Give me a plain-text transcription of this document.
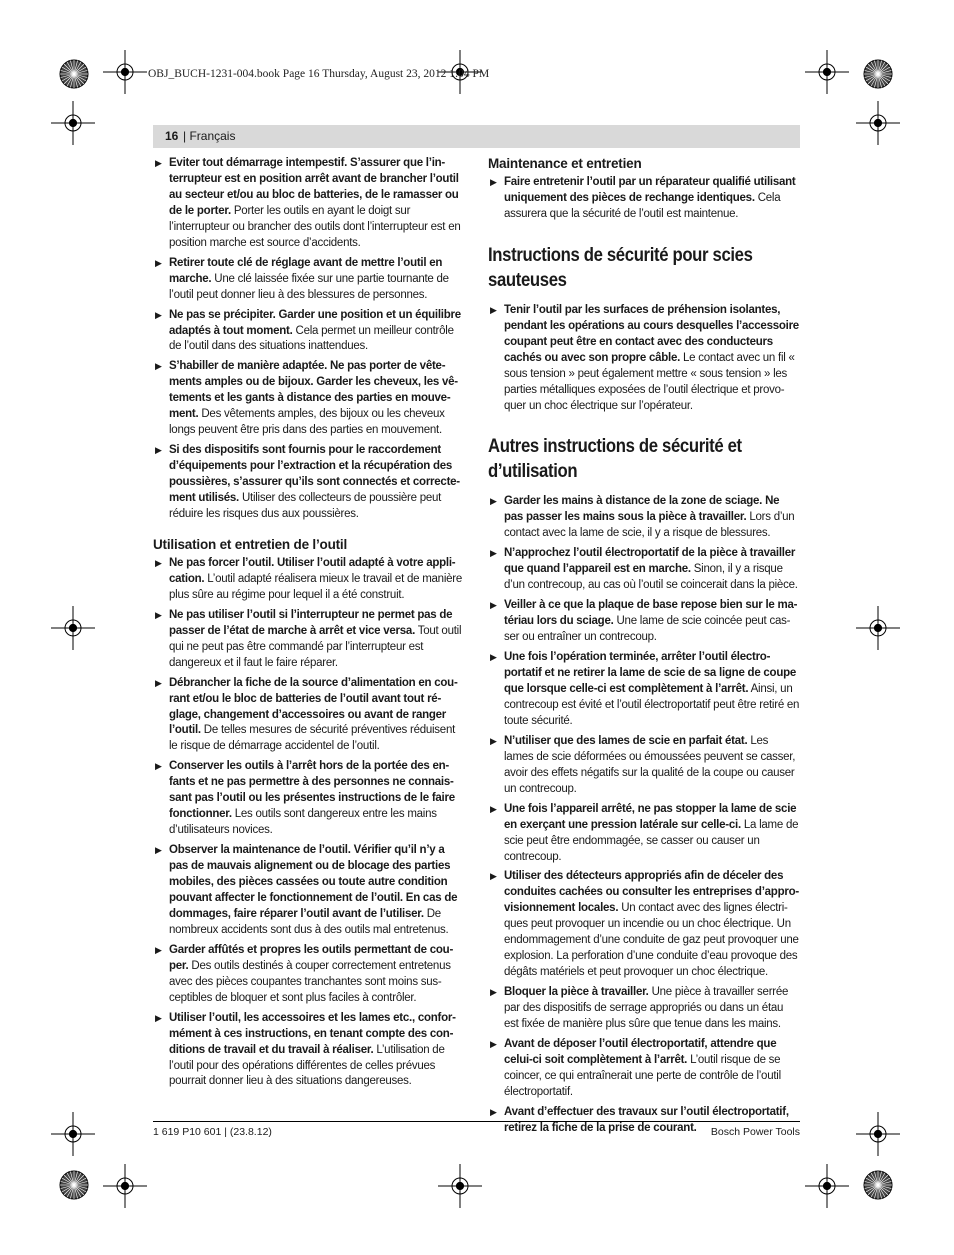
OBJ_BUCH-1231-004.book Page 16 Thursday, August 23, 2012 1:04 PM
16 | Français
▶ Eviter tout démarrage intempestif. S’assurer que l’interrupteur est en position arrêt avant de brancher l’outil au secteur et/ou au bloc de batteries, de le ramasser ou de le porter. Porter les outils en ayant le doigt sur l’interrupteur ou brancher des outils dont l’interrupteur est en position marche est source d’accidents.
▶ Retirer toute clé de réglage avant de mettre l’outil en marche. Une clé laissée fixée sur une partie tournante de l’outil peut donner lieu à des blessures de personnes.
▶ Ne pas se précipiter. Garder une position et un équilibre adaptés à tout moment. Cela permet un meilleur contrôle de l’outil dans des situations inattendues.
▶ S’habiller de manière adaptée. Ne pas porter de vêtements amples ou de bijoux. Garder les cheveux, les vêtements et les gants à distance des parties en mouvement. Des vêtements amples, des bijoux ou les cheveux longs peuvent être pris dans des parties en mouvement.
▶ Si des dispositifs sont fournis pour le raccordement d’équipements pour l’extraction et la récupération des poussières, s’assurer qu’ils sont connectés et correctement utilisés. Utiliser des collecteurs de poussière peut réduire les risques dus aux poussières.
Utilisation et entretien de l’outil
▶ Ne pas forcer l’outil. Utiliser l’outil adapté à votre application. L’outil adapté réalisera mieux le travail et de manière plus sûre au régime pour lequel il a été construit.
▶ Ne pas utiliser l’outil si l’interrupteur ne permet pas de passer de l’état de marche à arrêt et vice versa. Tout outil qui ne peut pas être commandé par l’interrupteur est dangereux et il faut le faire réparer.
▶ Débrancher la fiche de la source d’alimentation en courant et/ou le bloc de batteries de l’outil avant tout réglage, changement d’accessoires ou avant de ranger l’outil. De telles mesures de sécurité préventives réduisent le risque de démarrage accidentel de l’outil.
▶ Conserver les outils à l’arrêt hors de la portée des enfants et ne pas permettre à des personnes ne connaissant pas l’outil ou les présentes instructions de le faire fonctionner. Les outils sont dangereux entre les mains d’utilisateurs novices.
▶ Observer la maintenance de l’outil. Vérifier qu’il n’y a pas de mauvais alignement ou de blocage des parties mobiles, des pièces cassées ou toute autre condition pouvant affecter le fonctionnement de l’outil. En cas de dommages, faire réparer l’outil avant de l’utiliser. De nombreux accidents sont dus à des outils mal entretenus.
▶ Garder affûtés et propres les outils permettant de couper. Des outils destinés à couper correctement entretenus avec des pièces coupantes tranchantes sont moins susceptibles de bloquer et sont plus faciles à contrôler.
▶ Utiliser l’outil, les accessoires et les lames etc., conformément à ces instructions, en tenant compte des conditions de travail et du travail à réaliser. L’utilisation de l’outil pour des opérations différentes de celles prévues pourrait donner lieu à des situations dangereuses.
Maintenance et entretien
▶ Faire entretenir l’outil par un réparateur qualifié utilisant uniquement des pièces de rechange identiques. Cela assurera que la sécurité de l’outil est maintenue.
Instructions de sécurité pour scies sauteuses
▶ Tenir l’outil par les surfaces de préhension isolantes, pendant les opérations au cours desquelles l’accessoire coupant peut être en contact avec des conducteurs cachés ou avec son propre câble. Le contact avec un fil « sous tension » peut également mettre « sous tension » les parties métalliques exposées de l’outil électrique et provoquer un choc électrique sur l’opérateur.
Autres instructions de sécurité et d’utilisation
▶ Garder les mains à distance de la zone de sciage. Ne pas passer les mains sous la pièce à travailler. Lors d’un contact avec la lame de scie, il y a risque de blessures.
▶ N’approchez l’outil électroportatif de la pièce à travailler que quand l’appareil est en marche. Sinon, il y a risque d’un contrecoup, au cas où l’outil se coincerait dans la pièce.
▶ Veiller à ce que la plaque de base repose bien sur le matériau lors du sciage. Une lame de scie coincée peut casser ou entraîner un contrecoup.
▶ Une fois l’opération terminée, arrêter l’outil électroportatif et ne retirer la lame de scie de sa ligne de coupe que lorsque celle-ci est complètement à l’arrêt. Ainsi, un contrecoup est évité et l’outil électroportatif peut être retiré en toute sécurité.
▶ N’utiliser que des lames de scie en parfait état. Les lames de scie déformées ou émoussées peuvent se casser, avoir des effets négatifs sur la qualité de la coupe ou causer un contrecoup.
▶ Une fois l’appareil arrêté, ne pas stopper la lame de scie en exerçant une pression latérale sur celle-ci. La lame de scie peut être endommagée, se casser ou causer un contrecoup.
▶ Utiliser des détecteurs appropriés afin de déceler des conduites cachées ou consulter les entreprises d’approvisionnement locales. Un contact avec des lignes électriques peut provoquer un incendie ou un choc électrique. Un endommagement d’une conduite de gaz peut provoquer une explosion. La perforation d’une conduite d’eau provoque des dégâts matériels et peut provoquer un choc électrique.
▶ Bloquer la pièce à travailler. Une pièce à travailler serrée par des dispositifs de serrage appropriés ou dans un étau est fixée de manière plus sûre que tenue dans les mains.
▶ Avant de déposer l’outil électroportatif, attendre que celui-ci soit complètement à l’arrêt. L’outil risque de se coincer, ce qui entraînerait une perte de contrôle de l’outil électroportatif.
▶ Avant d’effectuer des travaux sur l’outil électroportatif, retirez la fiche de la prise de courant.
1 619 P10 601 | (23.8.12)	Bosch Power Tools
